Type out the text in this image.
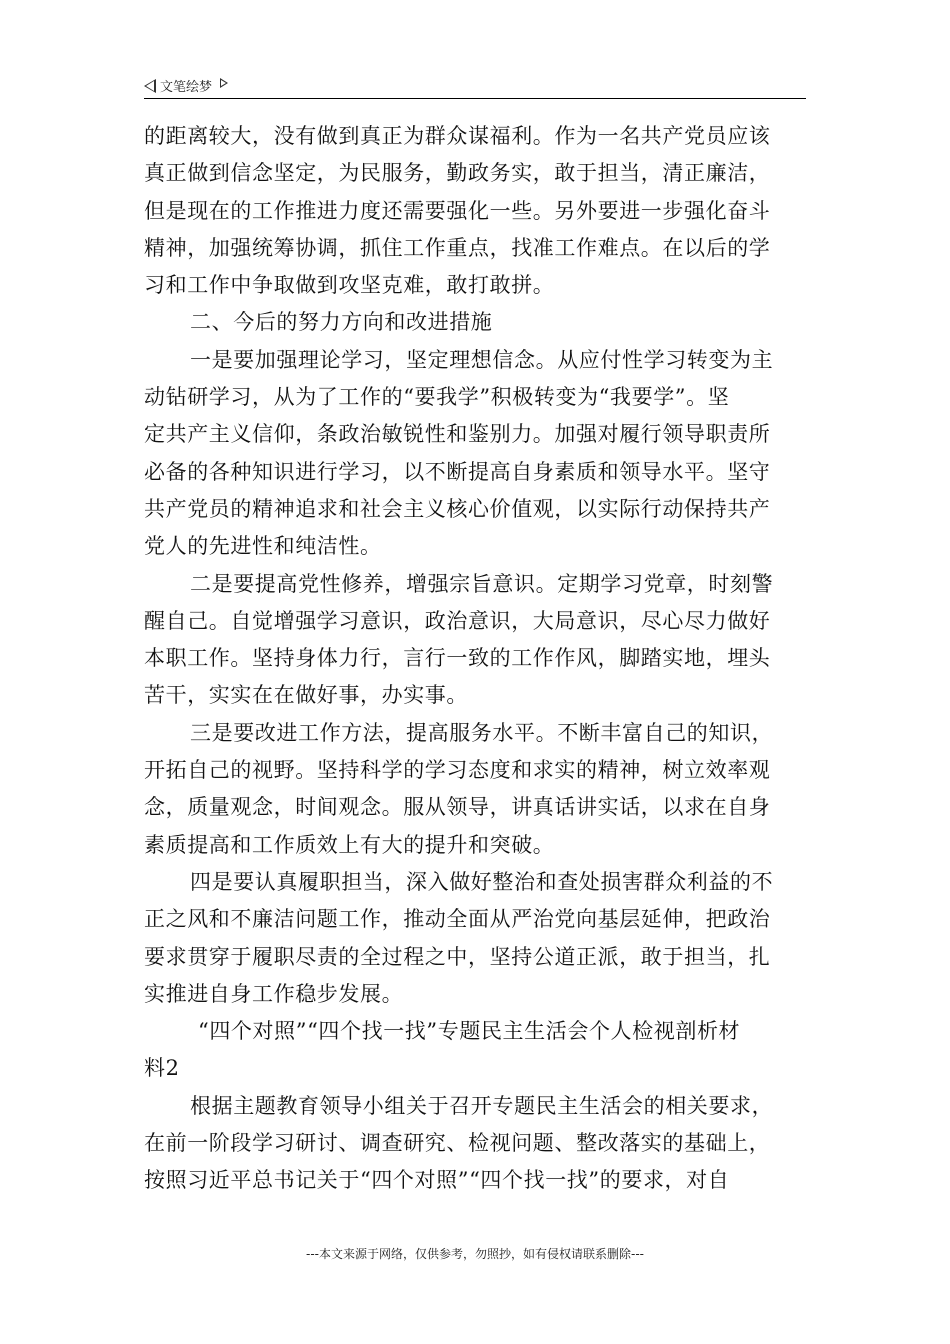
文笔绘梦
的距离较大，没有做到真正为群众谋福利。作为一名共产党员应该
真正做到信念坚定，为民服务，勤政务实，敢于担当，清正廉洁，
但是现在的工作推进力度还需要强化一些。另外要进一步强化奋斗
精神，加强统筹协调，抓住工作重点，找准工作难点。在以后的学
习和工作中争取做到攻坚克难，敢打敢拼。
二、今后的努力方向和改进措施
一是要加强理论学习，坚定理想信念。从应付性学习转变为主
动钻研学习，从为了工作的“要我学”积极转变为“我要学”。坚
定共产主义信仰，条政治敏锐性和鉴别力。加强对履行领导职责所
必备的各种知识进行学习，以不断提高自身素质和领导水平。坚守
共产党员的精神追求和社会主义核心价值观，以实际行动保持共产
党人的先进性和纯洁性。
二是要提高党性修养，增强宗旨意识。定期学习党章，时刻警
醒自己。自觉增强学习意识，政治意识，大局意识，尽心尽力做好
本职工作。坚持身体力行，言行一致的工作作风，脚踏实地，埋头
苦干，实实在在做好事，办实事。
三是要改进工作方法，提高服务水平。不断丰富自己的知识，
开拓自己的视野。坚持科学的学习态度和求实的精神，树立效率观
念，质量观念，时间观念。服从领导，讲真话讲实话，以求在自身
素质提高和工作质效上有大的提升和突破。
四是要认真履职担当，深入做好整治和查处损害群众利益的不
正之风和不廉洁问题工作，推动全面从严治党向基层延伸，把政治
要求贯穿于履职尽责的全过程之中，坚持公道正派，敢于担当，扎
实推进自身工作稳步发展。
“四个对照”“四个找一找”专题民主生活会个人检视剖析材
料2
根据主题教育领导小组关于召开专题民主生活会的相关要求，
在前一阶段学习研讨、调查研究、检视问题、整改落实的基础上，
按照习近平总书记关于“四个对照”“四个找一找”的要求，对自
---本文来源于网络，仅供参考，勿照抄，如有侵权请联系删除---
